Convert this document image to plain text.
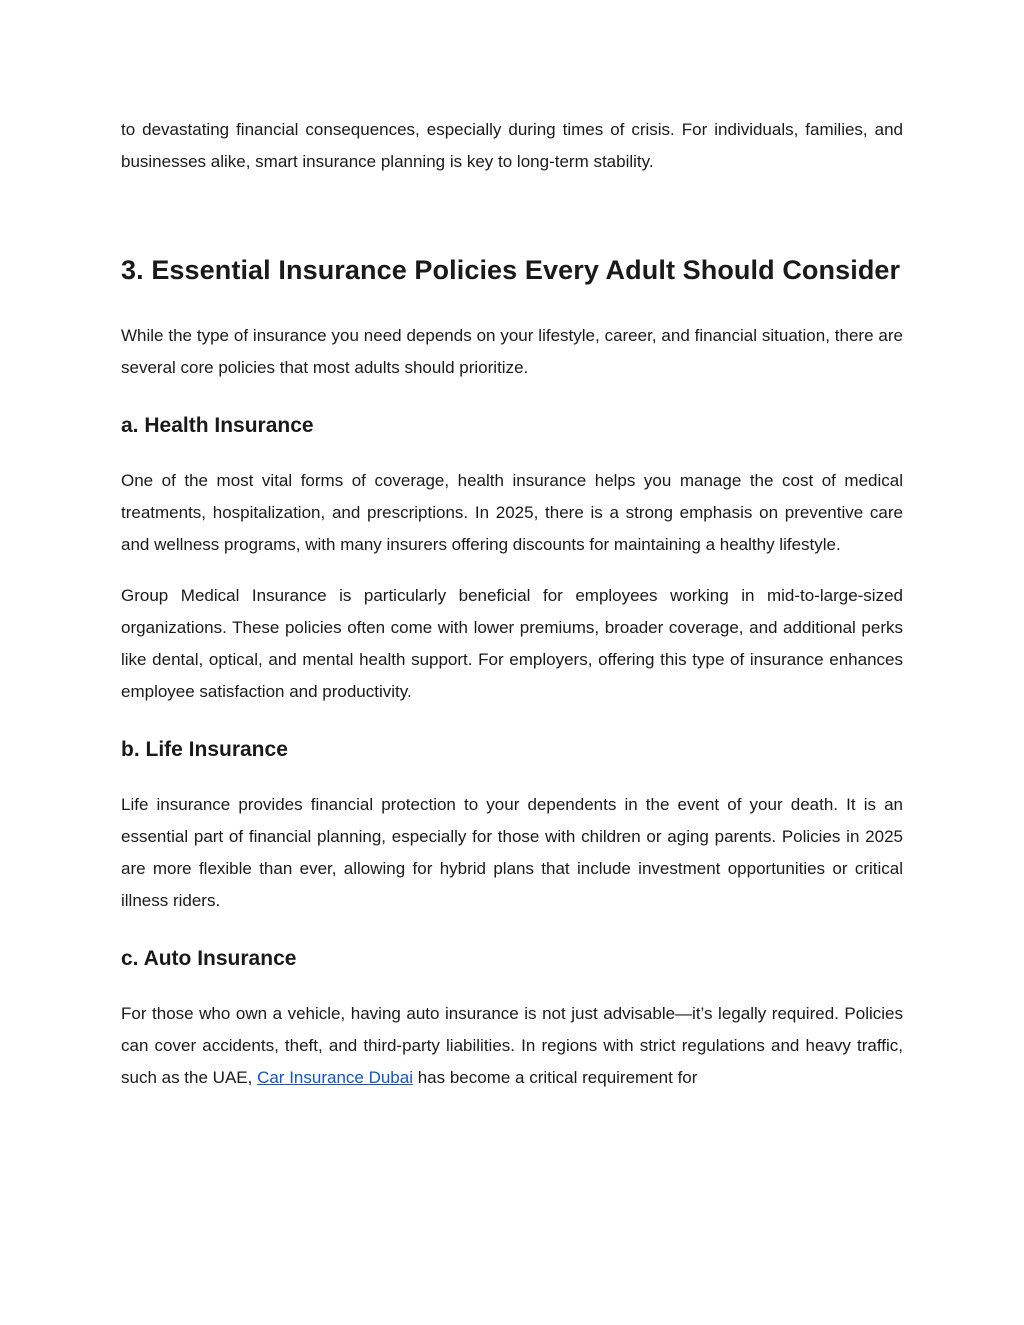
to devastating financial consequences, especially during times of crisis. For individuals, families, and businesses alike, smart insurance planning is key to long-term stability.

3. Essential Insurance Policies Every Adult Should Consider

While the type of insurance you need depends on your lifestyle, career, and financial situation, there are several core policies that most adults should prioritize.

a. Health Insurance

One of the most vital forms of coverage, health insurance helps you manage the cost of medical treatments, hospitalization, and prescriptions. In 2025, there is a strong emphasis on preventive care and wellness programs, with many insurers offering discounts for maintaining a healthy lifestyle.

Group Medical Insurance is particularly beneficial for employees working in mid-to-large-sized organizations. These policies often come with lower premiums, broader coverage, and additional perks like dental, optical, and mental health support. For employers, offering this type of insurance enhances employee satisfaction and productivity.

b. Life Insurance

Life insurance provides financial protection to your dependents in the event of your death. It is an essential part of financial planning, especially for those with children or aging parents. Policies in 2025 are more flexible than ever, allowing for hybrid plans that include investment opportunities or critical illness riders.

c. Auto Insurance

For those who own a vehicle, having auto insurance is not just advisable—it’s legally required. Policies can cover accidents, theft, and third-party liabilities. In regions with strict regulations and heavy traffic, such as the UAE, Car Insurance Dubai has become a critical requirement for
